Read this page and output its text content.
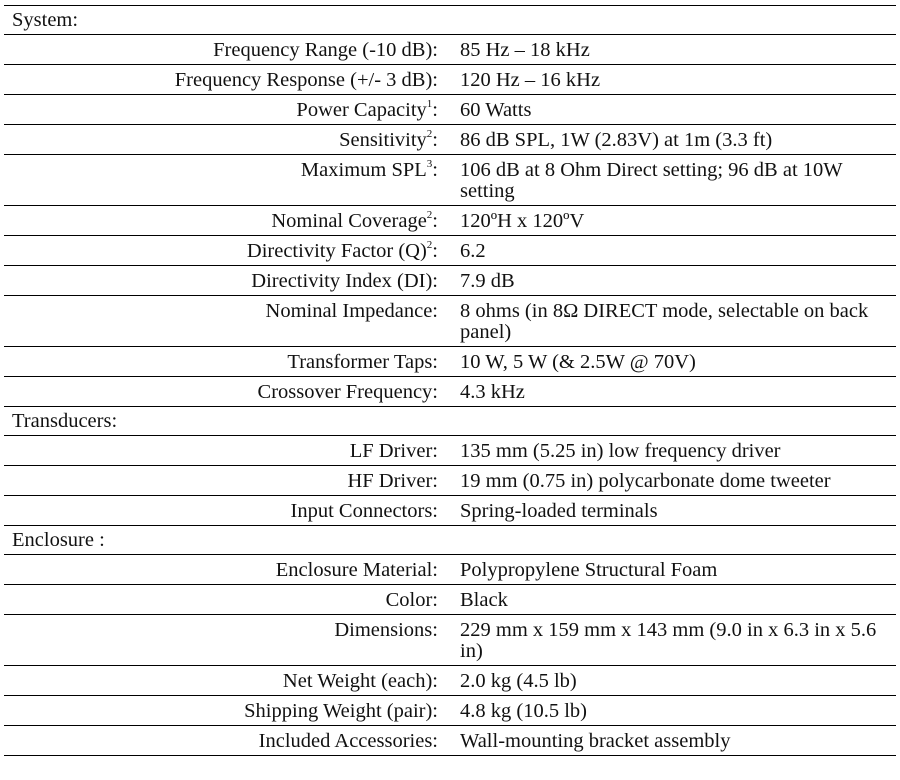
System:
Frequency Range (-10 dB):	85 Hz – 18 kHz
Frequency Response (+/- 3 dB):	120 Hz – 16 kHz
Power Capacity$^1$:	60 Watts
Sensitivity$^2$:	86 dB SPL, 1W (2.83V) at 1m (3.3 ft)
Maximum SPL$^3$:	106 dB at 8 Ohm Direct setting; 96 dB at 10W setting
Nominal Coverage$^2$:	120ºH x 120ºV
Directivity Factor $(Q)^2$:	6.2
Directivity Index (DI):	7.9 dB
Nominal Impedance:	8 ohms (in 8Ω DIRECT mode, selectable on back panel)
Transformer Taps:	10 W, 5 W (& 2.5W @ 70V)
Crossover Frequency:	4.3 kHz
Transducers:
LF Driver:	135 mm (5.25 in) low frequency driver
HF Driver:	19 mm (0.75 in) polycarbonate dome tweeter
Input Connectors:	Spring-loaded terminals
Enclosure :
Enclosure Material:	Polypropylene Structural Foam
Color:	Black
Dimensions:	229 mm x 159 mm x 143 mm (9.0 in x 6.3 in x 5.6 in)
Net Weight (each):	2.0 kg (4.5 lb)
Shipping Weight (pair):	4.8 kg (10.5 lb)
Included Accessories:	Wall-mounting bracket assembly
